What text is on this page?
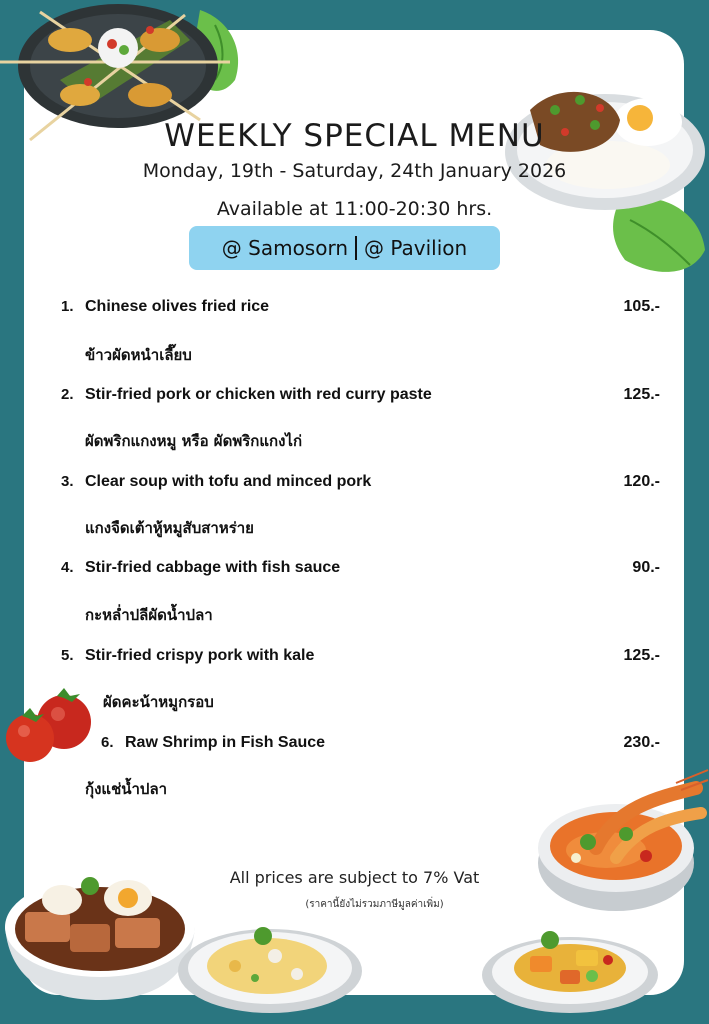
WEEKLY SPECIAL MENU
Monday, 19th - Saturday, 24th January 2026
Available at 11:00-20:30 hrs.
@ Samosorn @ Pavilion
1. Chinese olives fried rice	105.-
ข้าวผัดหนำเลี๊ยบ
2. Stir-fried pork or chicken with red curry paste	125.-
ผัดพริกแกงหมู หรือ ผัดพริกแกงไก่
3. Clear soup with tofu and minced pork	120.-
แกงจืดเต้าหู้หมูสับสาหร่าย
4. Stir-fried cabbage with fish sauce	90.-
กะหล่ำปลีผัดน้ำปลา
5. Stir-fried crispy pork with kale	125.-
ผัดคะน้าหมูกรอบ
6. Raw Shrimp in Fish Sauce	230.-
กุ้งแช่น้ำปลา
All prices are subject to 7% Vat
(ราคานี้ยังไม่รวมภาษีมูลค่าเพิ่ม)
